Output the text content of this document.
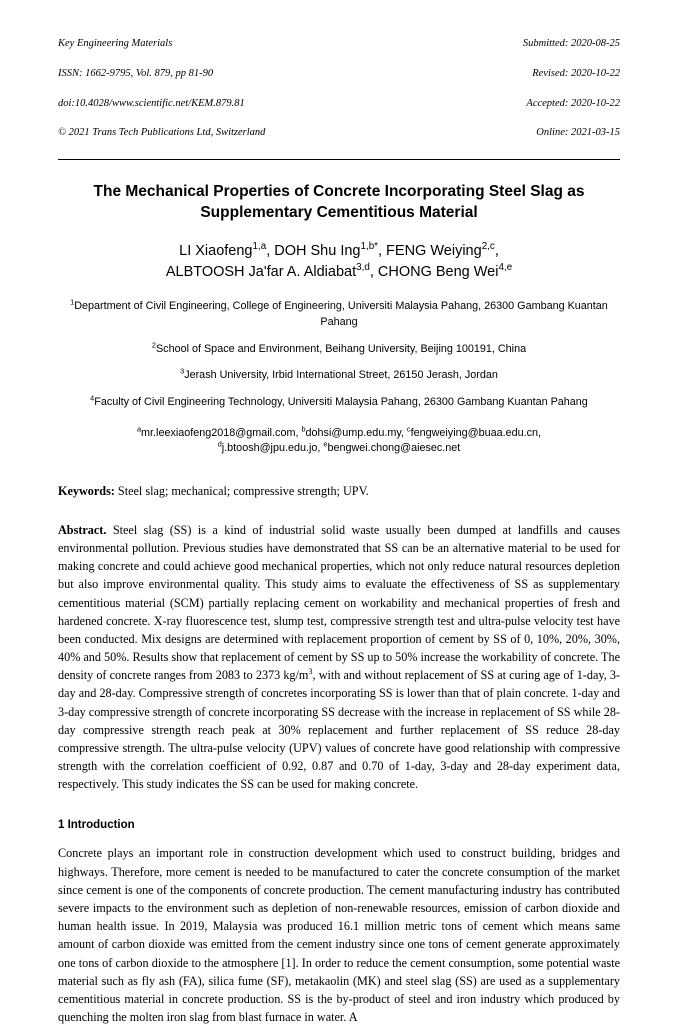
Key Engineering Materials

ISSN: 1662-9795, Vol. 879, pp 81-90

doi:10.4028/www.scientific.net/KEM.879.81

© 2021 Trans Tech Publications Ltd, Switzerland

Submitted: 2020-08-25

Revised: 2020-10-22

Accepted: 2020-10-22

Online: 2021-03-15

The Mechanical Properties of Concrete Incorporating Steel Slag as Supplementary Cementitious Material
LI Xiaofeng$^{1,a}$, DOH Shu Ing$^{1,b*}$, FENG Weiying$^{2,c}$,
ALBTOOSH Ja'far A. Aldiabat$^{3,d}$, CHONG Beng Wei$^{4,e}$
$^1$Department of Civil Engineering, College of Engineering, Universiti Malaysia Pahang, 26300 Gambang Kuantan Pahang
$^2$School of Space and Environment, Beihang University, Beijing 100191, China
$^3$Jerash University, Irbid International Street, 26150 Jerash, Jordan
$^4$Faculty of Civil Engineering Technology, Universiti Malaysia Pahang, 26300 Gambang Kuantan Pahang
$^a$mr.leexiaofeng2018@gmail.com, $^b$dohsi@ump.edu.my, $^c$fengweiying@buaa.edu.cn,
$^d$j.btoosh@jpu.edu.jo, $^e$bengwei.chong@aiesec.net
Keywords: Steel slag; mechanical; compressive strength; UPV.
Abstract. Steel slag (SS) is a kind of industrial solid waste usually been dumped at landfills and causes environmental pollution. Previous studies have demonstrated that SS can be an alternative material to be used for making concrete and could achieve good mechanical properties, which not only reduce natural resources depletion but also improve environmental quality. This study aims to evaluate the effectiveness of SS as supplementary cementitious material (SCM) partially replacing cement on workability and mechanical properties of fresh and hardened concrete. X-ray fluorescence test, slump test, compressive strength test and ultra-pulse velocity test have been conducted. Mix designs are determined with replacement proportion of cement by SS of 0, 10%, 20%, 30%, 40% and 50%. Results show that replacement of cement by SS up to 50% increase the workability of concrete. The density of concrete ranges from 2083 to 2373 $kg/m^3$, with and without replacement of SS at curing age of 1-day, 3-day and 28-day. Compressive strength of concretes incorporating SS is lower than that of plain concrete. 1-day and 3-day compressive strength of concrete incorporating SS decrease with the increase in replacement of SS while 28-day compressive strength reach peak at 30% replacement and further replacement of SS reduce 28-day compressive strength. The ultra-pulse velocity (UPV) values of concrete have good relationship with compressive strength with the correlation coefficient of 0.92, 0.87 and 0.70 of 1-day, 3-day and 28-day experiment data, respectively. This study indicates the SS can be used for making concrete.
1 Introduction
Concrete plays an important role in construction development which used to construct building, bridges and highways. Therefore, more cement is needed to be manufactured to cater the concrete consumption of the market since cement is one of the components of concrete production. The cement manufacturing industry has contributed severe impacts to the environment such as depletion of non-renewable resources, emission of carbon dioxide and human health issue. In 2019, Malaysia was produced 16.1 million metric tons of cement which means same amount of carbon dioxide was emitted from the cement industry since one tons of cement generate approximately one tons of carbon dioxide to the atmosphere [1]. In order to reduce the cement consumption, some potential waste material such as fly ash (FA), silica fume (SF), metakaolin (MK) and steel slag (SS) are used as a supplementary cementitious material in concrete production. SS is the by-product of steel and iron industry which produced by quenching the molten iron slag from blast furnace in water. A
